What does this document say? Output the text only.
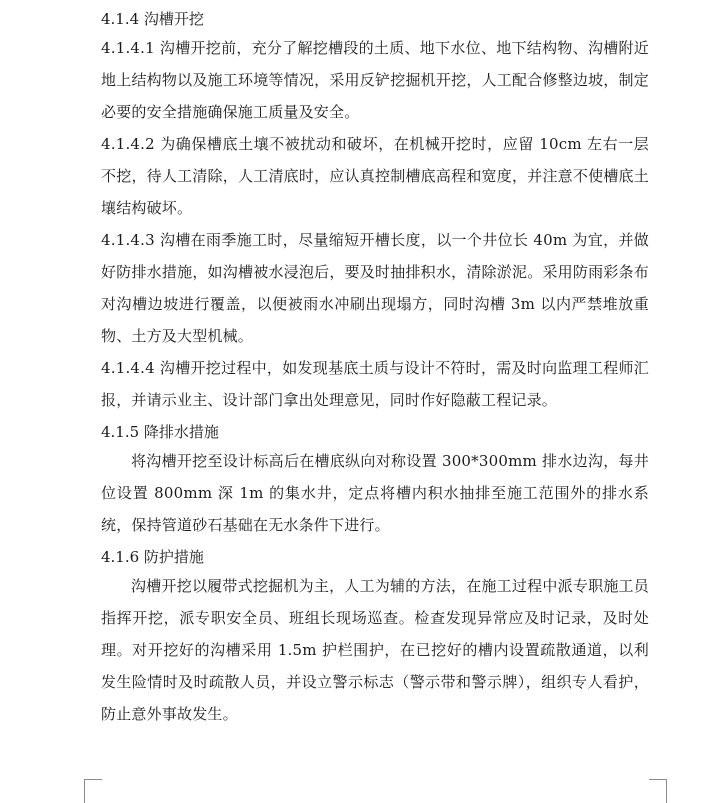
4.1.4 沟槽开挖

4.1.4.1 沟槽开挖前，充分了解挖槽段的土质、地下水位、地下结构物、沟槽附近地上结构物以及施工环境等情况，采用反铲挖掘机开挖，人工配合修整边坡，制定必要的安全措施确保施工质量及安全。

4.1.4.2 为确保槽底土壤不被扰动和破坏，在机械开挖时，应留 10cm 左右一层不挖，待人工清除，人工清底时，应认真控制槽底高程和宽度，并注意不使槽底土壤结构破坏。

4.1.4.3 沟槽在雨季施工时，尽量缩短开槽长度，以一个井位长 40m 为宜，并做好防排水措施，如沟槽被水浸泡后，要及时抽排积水，清除淤泥。采用防雨彩条布对沟槽边坡进行覆盖，以便被雨水冲刷出现塌方，同时沟槽 3m 以内严禁堆放重物、土方及大型机械。

4.1.4.4 沟槽开挖过程中，如发现基底土质与设计不符时，需及时向监理工程师汇报，并请示业主、设计部门拿出处理意见，同时作好隐蔽工程记录。

4.1.5 降排水措施

将沟槽开挖至设计标高后在槽底纵向对称设置 300*300mm 排水边沟，每井位设置 800mm 深 1m 的集水井，定点将槽内积水抽排至施工范围外的排水系统，保持管道砂石基础在无水条件下进行。

4.1.6 防护措施

沟槽开挖以履带式挖掘机为主，人工为辅的方法，在施工过程中派专职施工员指挥开挖，派专职安全员、班组长现场巡查。检查发现异常应及时记录，及时处理。对开挖好的沟槽采用 1.5m 护栏围护，在已挖好的槽内设置疏散通道，以利发生险情时及时疏散人员，并设立警示标志（警示带和警示牌），组织专人看护，防止意外事故发生。
